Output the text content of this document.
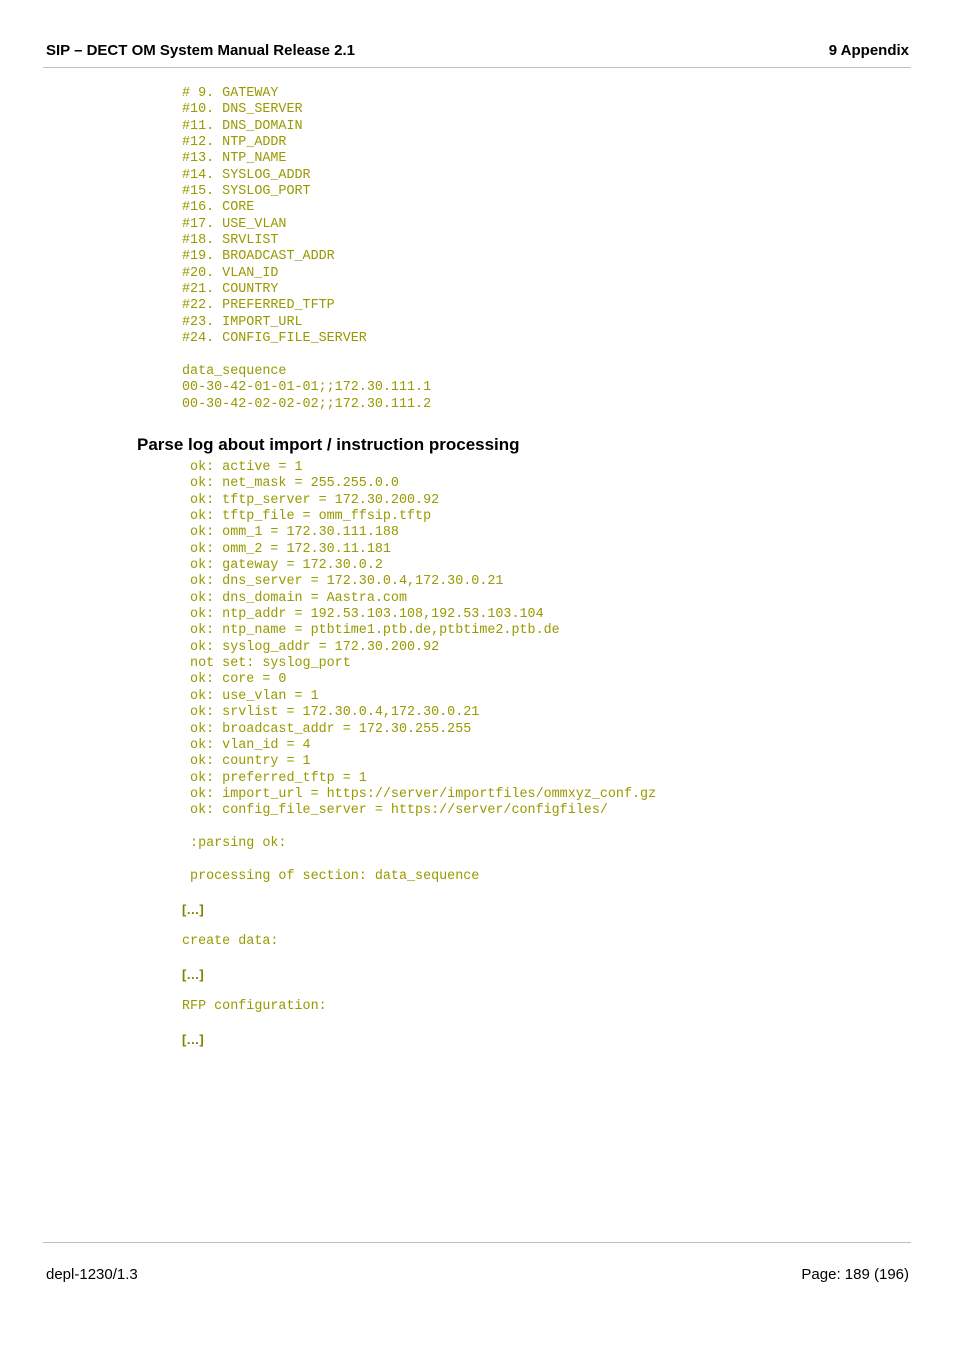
SIP – DECT OM System Manual Release 2.1	9 Appendix
# 9. GATEWAY
#10. DNS_SERVER
#11. DNS_DOMAIN
#12. NTP_ADDR
#13. NTP_NAME
#14. SYSLOG_ADDR
#15. SYSLOG_PORT
#16. CORE
#17. USE_VLAN
#18. SRVLIST
#19. BROADCAST_ADDR
#20. VLAN_ID
#21. COUNTRY
#22. PREFERRED_TFTP
#23. IMPORT_URL
#24. CONFIG_FILE_SERVER
data_sequence
00-30-42-01-01-01;;172.30.111.1
00-30-42-02-02-02;;172.30.111.2
Parse log about import / instruction processing
ok: active = 1
ok: net_mask = 255.255.0.0
ok: tftp_server = 172.30.200.92
ok: tftp_file = omm_ffsip.tftp
ok: omm_1 = 172.30.111.188
ok: omm_2 = 172.30.11.181
ok: gateway = 172.30.0.2
ok: dns_server = 172.30.0.4,172.30.0.21
ok: dns_domain = Aastra.com
ok: ntp_addr = 192.53.103.108,192.53.103.104
ok: ntp_name = ptbtime1.ptb.de,ptbtime2.ptb.de
ok: syslog_addr = 172.30.200.92
not set: syslog_port
ok: core = 0
ok: use_vlan = 1
ok: srvlist = 172.30.0.4,172.30.0.21
ok: broadcast_addr = 172.30.255.255
ok: vlan_id = 4
ok: country = 1
ok: preferred_tftp = 1
ok: import_url = https://server/importfiles/ommxyz_conf.gz
ok: config_file_server = https://server/configfiles/
:parsing ok:
processing of section: data_sequence
[…]
create data:
[…]
RFP configuration:
[…]
depl-1230/1.3	Page: 189 (196)
